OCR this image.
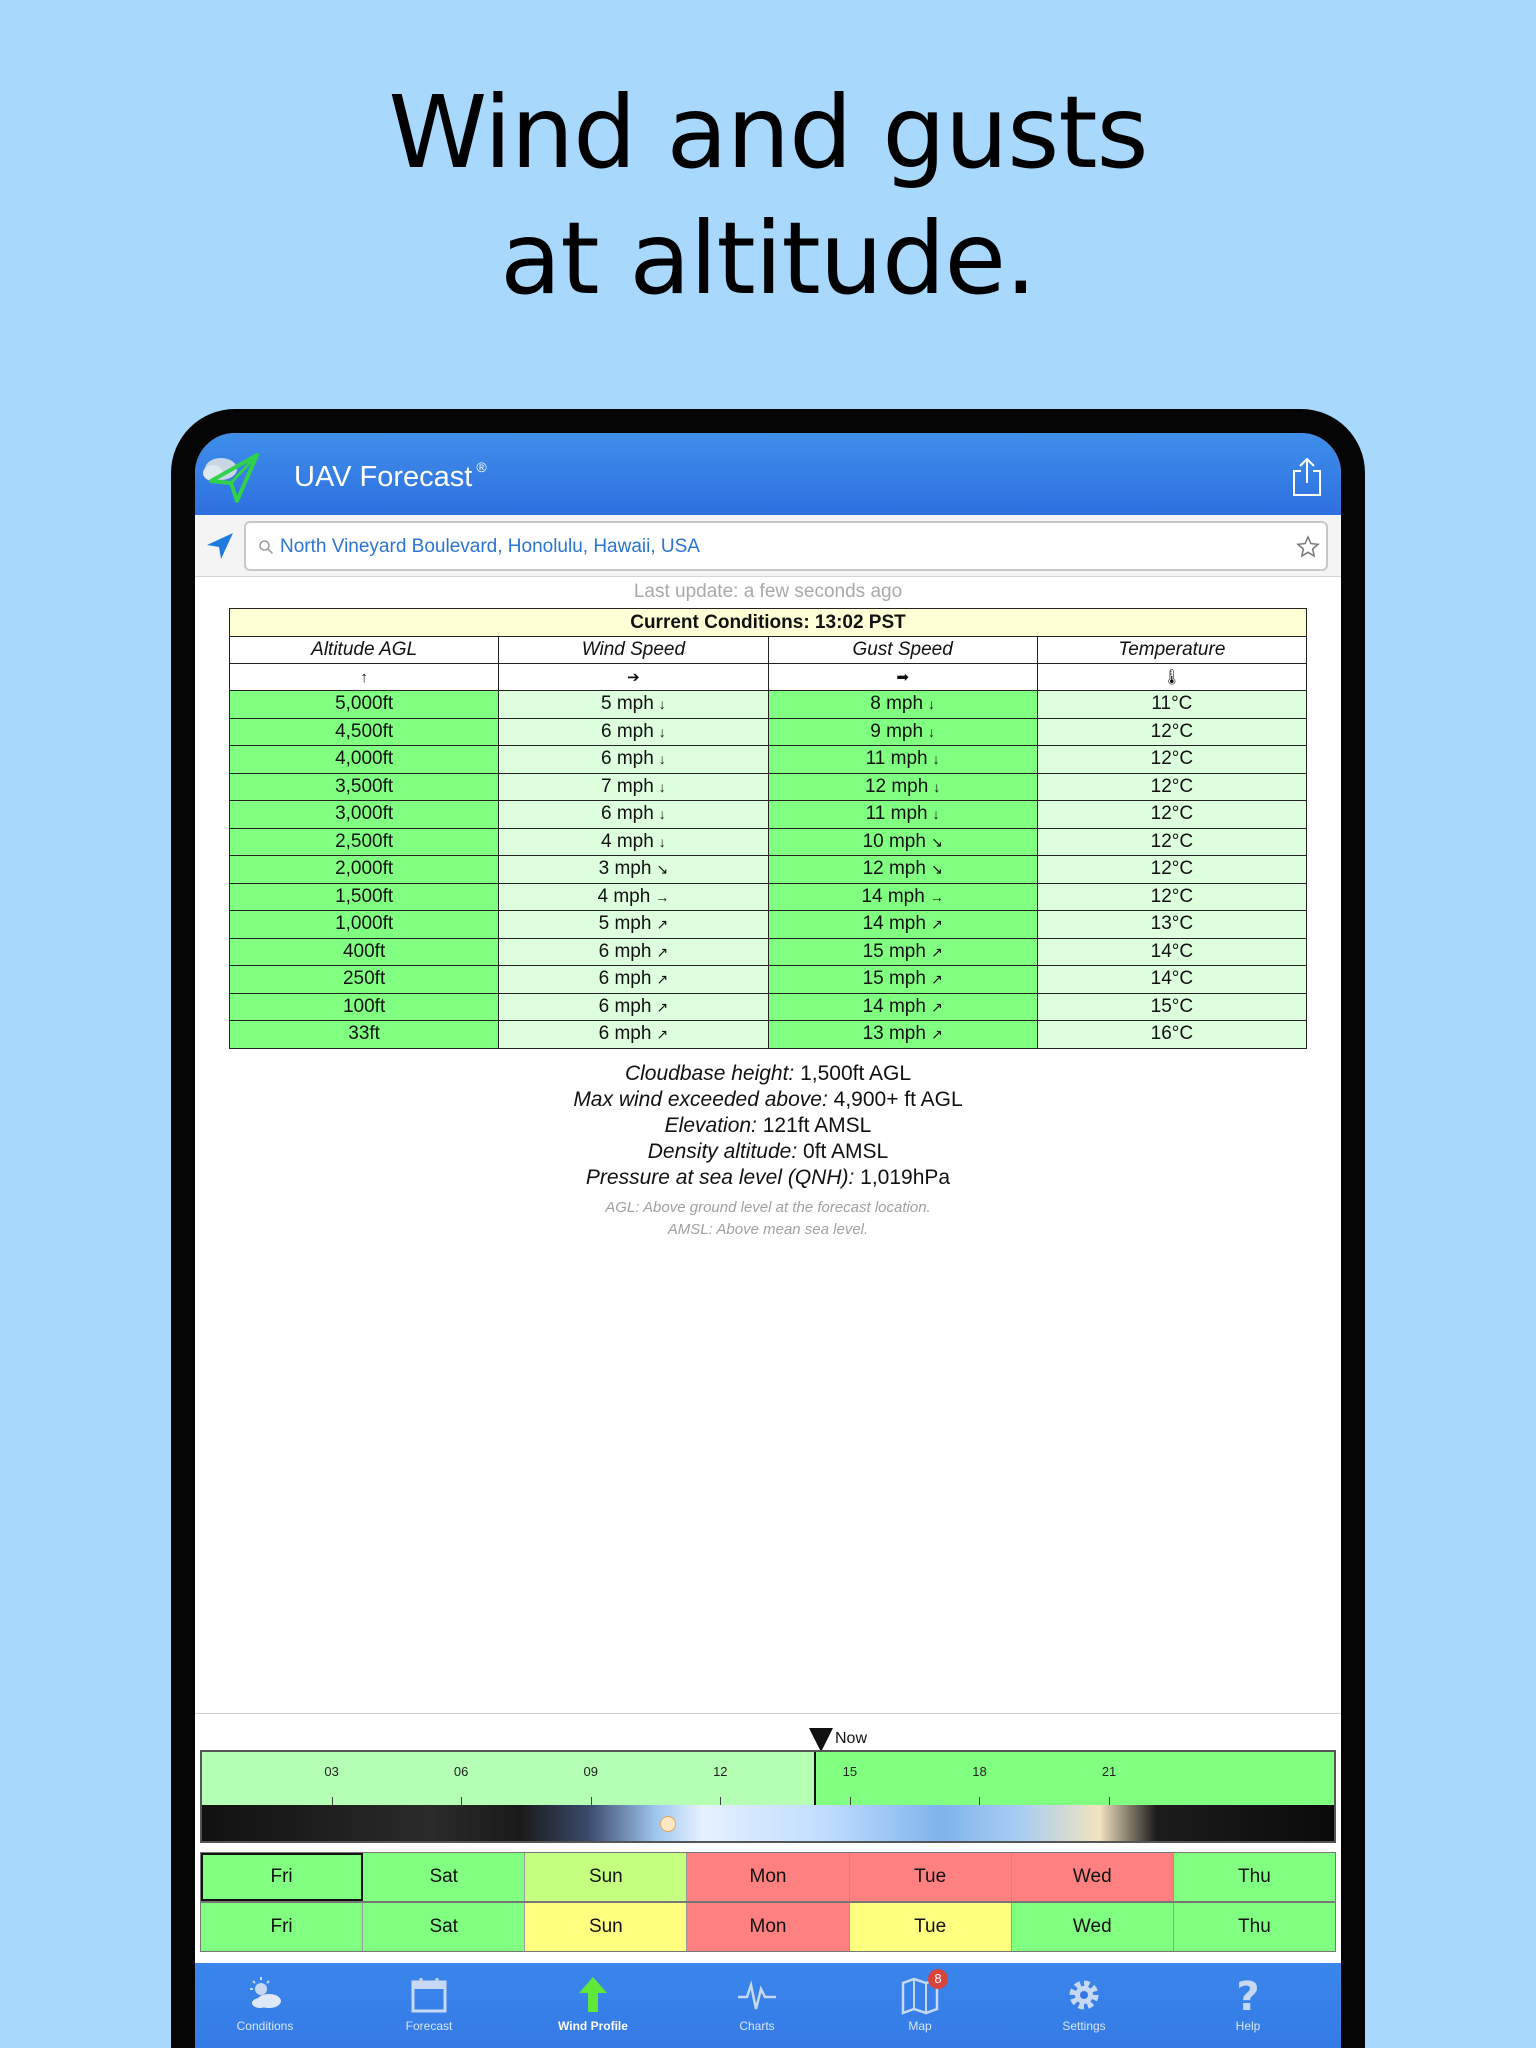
Wind and gusts
at altitude.
UAV Forecast ®
North Vineyard Boulevard, Honolulu, Hawaii, USA
Last update: a few seconds ago
Current Conditions: 13:02 PST			
Altitude AGL	Wind Speed	Gust Speed	Temperature
↑	➔	➡	🌡
5,000ft	5 mph ↓	8 mph ↓	11°C
4,500ft	6 mph ↓	9 mph ↓	12°C
4,000ft	6 mph ↓	11 mph ↓	12°C
3,500ft	7 mph ↓	12 mph ↓	12°C
3,000ft	6 mph ↓	11 mph ↓	12°C
2,500ft	4 mph ↓	10 mph ↘	12°C
2,000ft	3 mph ↘	12 mph ↘	12°C
1,500ft	4 mph →	14 mph →	12°C
1,000ft	5 mph ↗	14 mph ↗	13°C
400ft	6 mph ↗	15 mph ↗	14°C
250ft	6 mph ↗	15 mph ↗	14°C
100ft	6 mph ↗	14 mph ↗	15°C
33ft	6 mph ↗	13 mph ↗	16°C
Cloudbase height: 1,500ft AGL
Max wind exceeded above: 4,900+ ft AGL
Elevation: 121ft AMSL
Density altitude: 0ft AMSL
Pressure at sea level (QNH): 1,019hPa
AGL: Above ground level at the forecast location.
AMSL: Above mean sea level.
Now
03	06	09	12	15	18	21
Fri	Sat	Sun	Mon	Tue	Wed	Thu
Fri	Sat	Sun	Mon	Tue	Wed	Thu
Conditions	Forecast	Wind Profile	Charts
8
Map	Settings
?
Help
